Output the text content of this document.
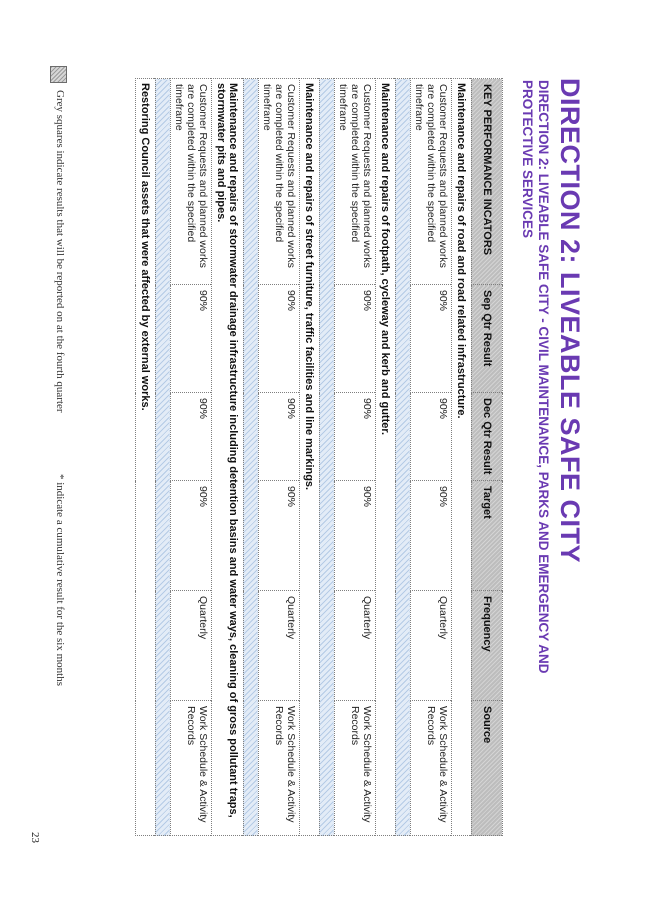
DIRECTION 2: LIVEABLE SAFE CITY
DIRECTION 2: LIVEABLE SAFE CITY - CIVIL MAINTENANCE, PARKS AND EMERGENCY AND PROTECTIVE SERVICES
KEY PERFORMANCE INCATORS	Sep Qtr Result	Dec Qtr Result	Target	Frequency	Source
Maintenance and repairs of road and road related infrastructure.					
Customer Requests and planned works are completed within the specified timeframe	90%	90%	90%	Quarterly	Work Schedule & Activity Records

Maintenance and repairs of footpath, cycleway and kerb and gutter.					
Customer Requests and planned works are completed within the specified timeframe	90%	90%	90%	Quarterly	Work Schedule & Activity Records

Maintenance and repairs of street furniture, traffic facilities and line markings.					
Customer Requests and planned works are completed within the specified timeframe	90%	90%	90%	Quarterly	Work Schedule & Activity Records

Maintenance and repairs of stormwater drainage infrastructure including detention basins and water ways, cleaning of gross pollutant traps, stormwater pits and pipes.					
Customer Requests and planned works are completed within the specified timeframe	90%	90%	90%	Quarterly	Work Schedule & Activity Records

Restoring Council assets that were affected by external works.					
Grey squares indicate results that will be reported on at the fourth quarter
* indicate a cumulative result for the six months
23
